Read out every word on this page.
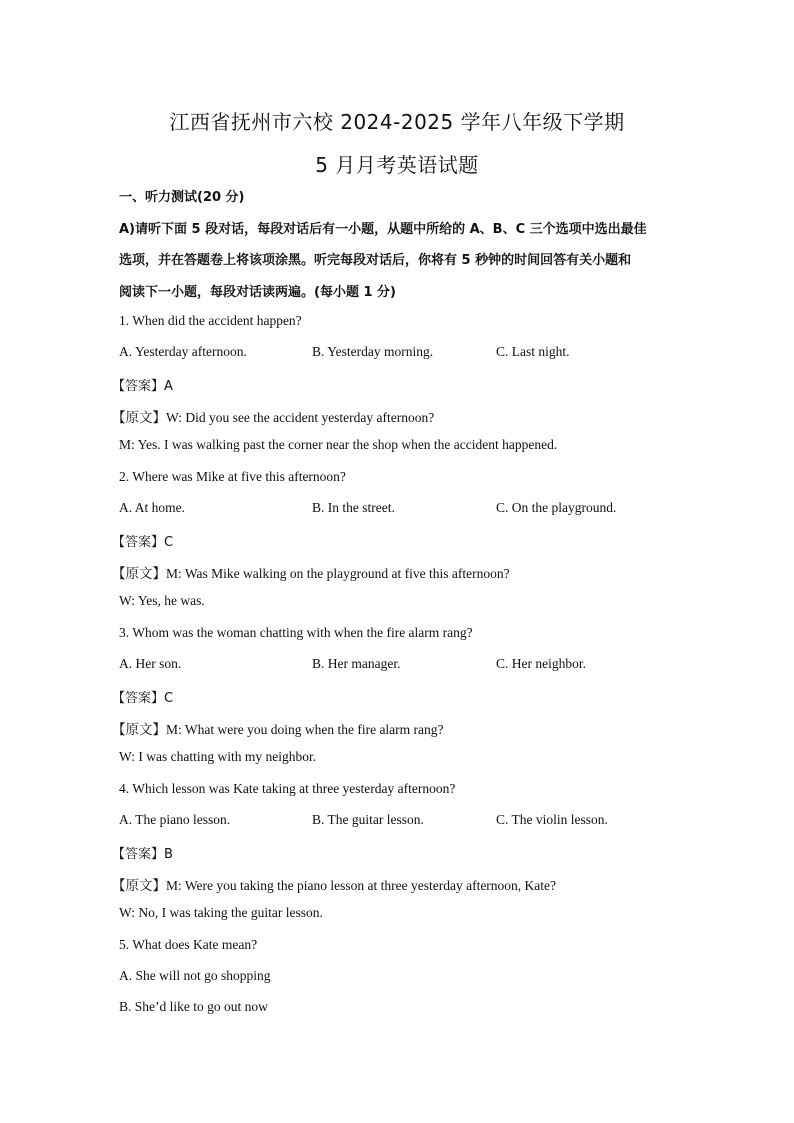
江西省抚州市六校 2024-2025 学年八年级下学期
5 月月考英语试题
一、听力测试(20 分)
A)请听下面 5 段对话，每段对话后有一小题，从题中所给的 A、B、C 三个选项中选出最佳
选项，并在答题卷上将该项涂黑。听完每段对话后，你将有 5 秒钟的时间回答有关小题和
阅读下一小题，每段对话读两遍。(每小题 1 分)
1. When did the accident happen?
A. Yesterday afternoon.	B. Yesterday morning.	C. Last night.
【答案】A
【原文】W: Did you see the accident yesterday afternoon?
M: Yes. I was walking past the corner near the shop when the accident happened.
2. Where was Mike at five this afternoon?
A. At home.	B. In the street.	C. On the playground.
【答案】C
【原文】M: Was Mike walking on the playground at five this afternoon?
W: Yes, he was.
3. Whom was the woman chatting with when the fire alarm rang?
A. Her son.	B. Her manager.	C. Her neighbor.
【答案】C
【原文】M: What were you doing when the fire alarm rang?
W: I was chatting with my neighbor.
4. Which lesson was Kate taking at three yesterday afternoon?
A. The piano lesson.	B. The guitar lesson.	C. The violin lesson.
【答案】B
【原文】M: Were you taking the piano lesson at three yesterday afternoon, Kate?
W: No, I was taking the guitar lesson.
5. What does Kate mean?
A. She will not go shopping
B. She’d like to go out now
